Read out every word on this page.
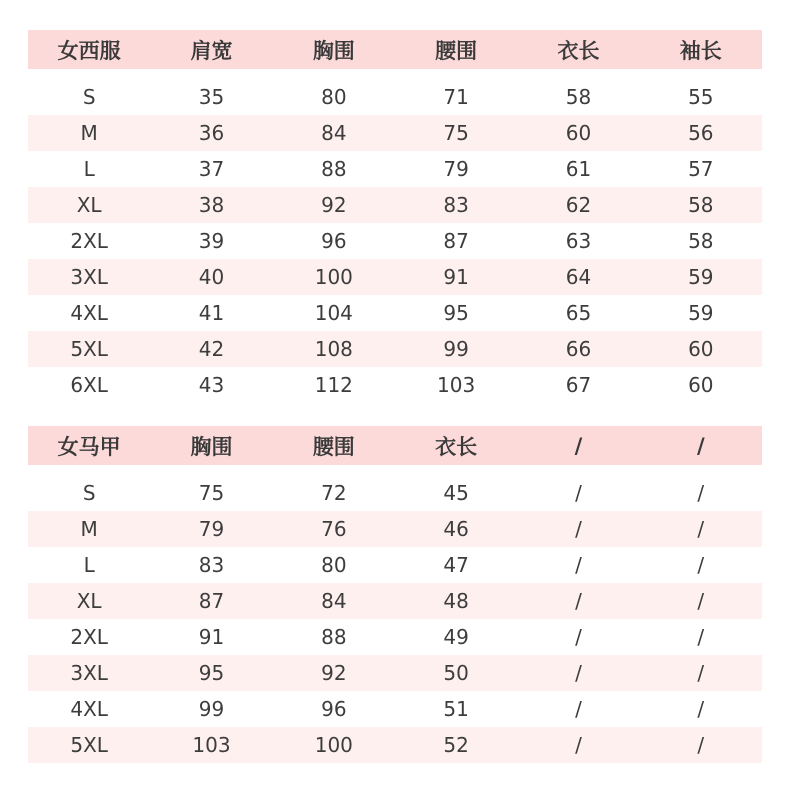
女西服	肩宽	胸围	腰围	衣长	袖长
S	35	80	71	58	55
M	36	84	75	60	56
L	37	88	79	61	57
XL	38	92	83	62	58
2XL	39	96	87	63	58
3XL	40	100	91	64	59
4XL	41	104	95	65	59
5XL	42	108	99	66	60
6XL	43	112	103	67	60
女马甲	胸围	腰围	衣长	/	/
S	75	72	45	/	/
M	79	76	46	/	/
L	83	80	47	/	/
XL	87	84	48	/	/
2XL	91	88	49	/	/
3XL	95	92	50	/	/
4XL	99	96	51	/	/
5XL	103	100	52	/	/
